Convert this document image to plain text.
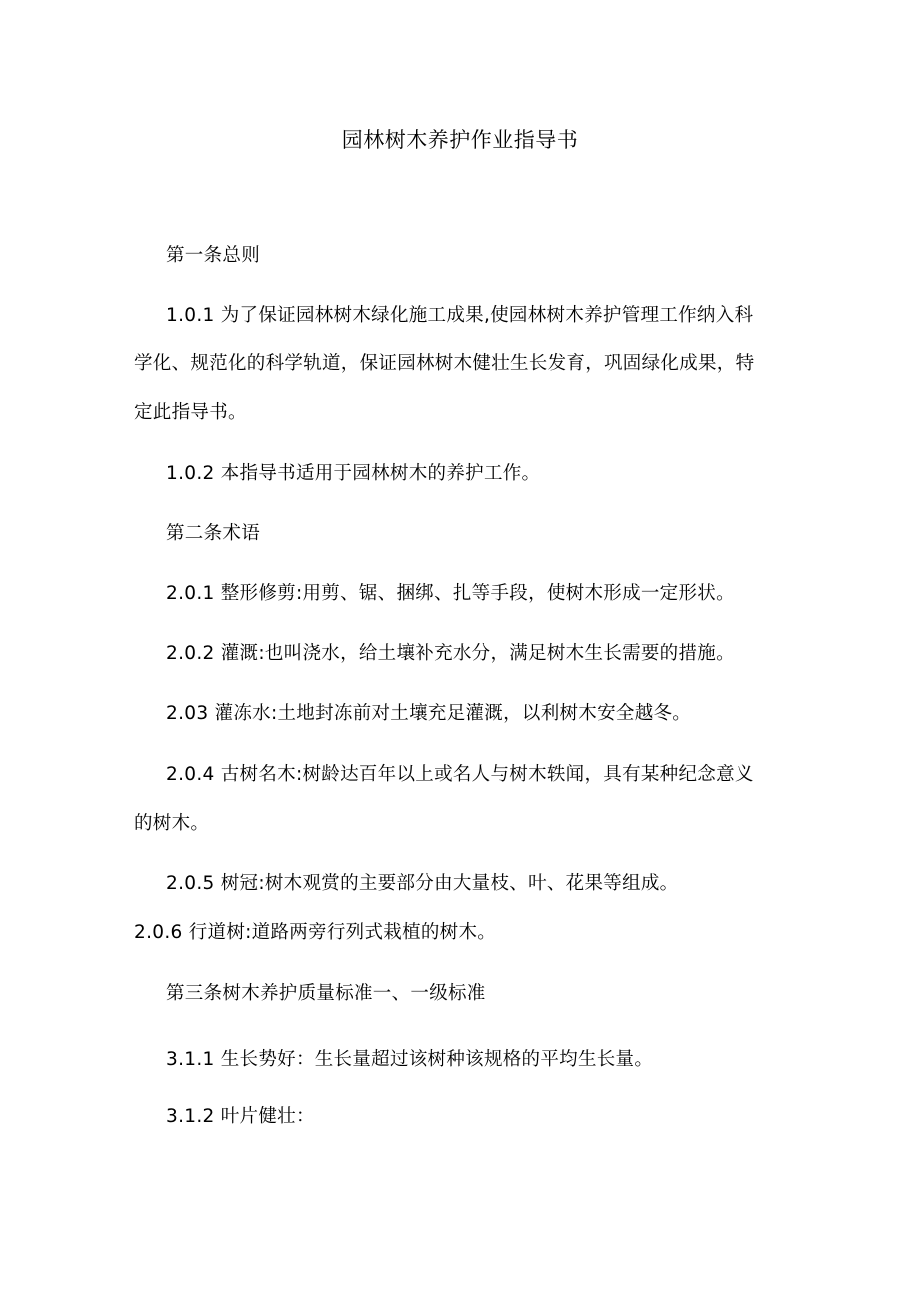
园林树木养护作业指导书
第一条总则
1.0.1 为了保证园林树木绿化施工成果,使园林树木养护管理工作纳入科
学化、规范化的科学轨道，保证园林树木健壮生长发育，巩固绿化成果，特
定此指导书。
1.0.2 本指导书适用于园林树木的养护工作。
第二条术语
2.0.1 整形修剪:用剪、锯、捆绑、扎等手段，使树木形成一定形状。
2.0.2 灌溉:也叫浇水，给土壤补充水分，满足树木生长需要的措施。
2.03 灌冻水:土地封冻前对土壤充足灌溉，以利树木安全越冬。
2.0.4 古树名木:树龄达百年以上或名人与树木轶闻，具有某种纪念意义
的树木。
2.0.5 树冠:树木观赏的主要部分由大量枝、叶、花果等组成。
2.0.6 行道树:道路两旁行列式栽植的树木。
第三条树木养护质量标准一、一级标准
3.1.1 生长势好：生长量超过该树种该规格的平均生长量。
3.1.2 叶片健壮：
